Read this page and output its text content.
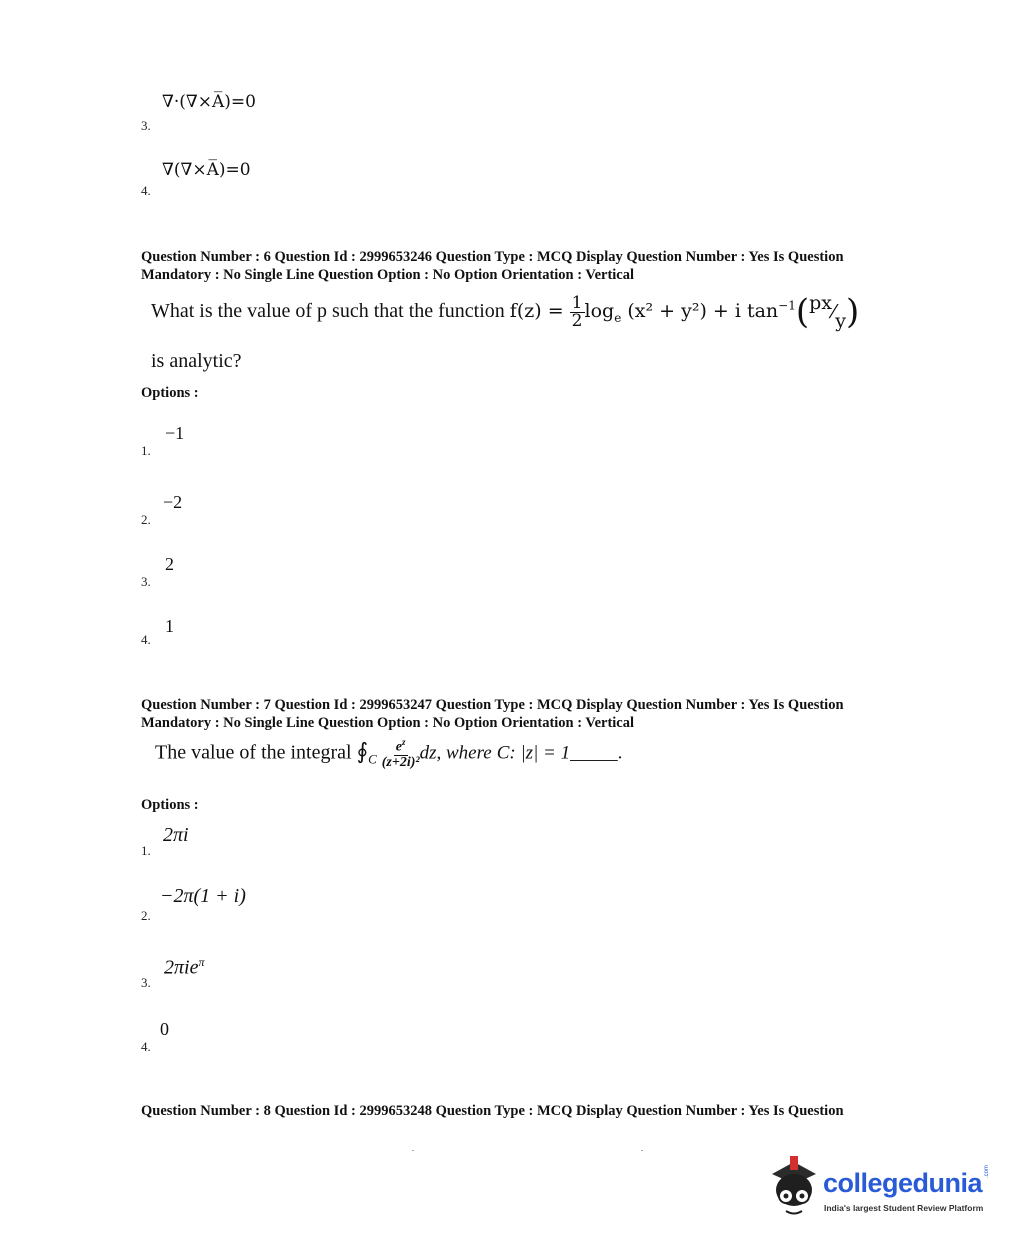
∇·(∇×A̅)=0
3.
∇(∇×A̅)=0
4.
Question Number : 6 Question Id : 2999653246 Question Type : MCQ Display Question Number : Yes Is Question
Mandatory : No Single Line Question Option : No Option Orientation : Vertical
What is the value of p such that the function $f(z) = \frac{1}{2} \log_e (x^2 + y^2) + i$ $\tan^{-1}(px⁄y)$
is analytic?
Options :
−1
1.
−2
2.
2
3.
1
4.
Question Number : 7 Question Id : 2999653247 Question Type : MCQ Display Question Number : Yes Is Question
Mandatory : No Single Line Question Option : No Option Orientation : Vertical
The value of the integral $∮_C \frac{e^z}{\text{(z+2i)²}}$ dz, where C: |z| = 1_____.
Options :
2πi
1.
−2π(1 + i)
2.
2πie$^\pi$
3.
0
4.
Question Number : 8 Question Id : 2999653248 Question Type : MCQ Display Question Number : Yes Is Question
collegedunia .com
India's largest Student Review Platform
